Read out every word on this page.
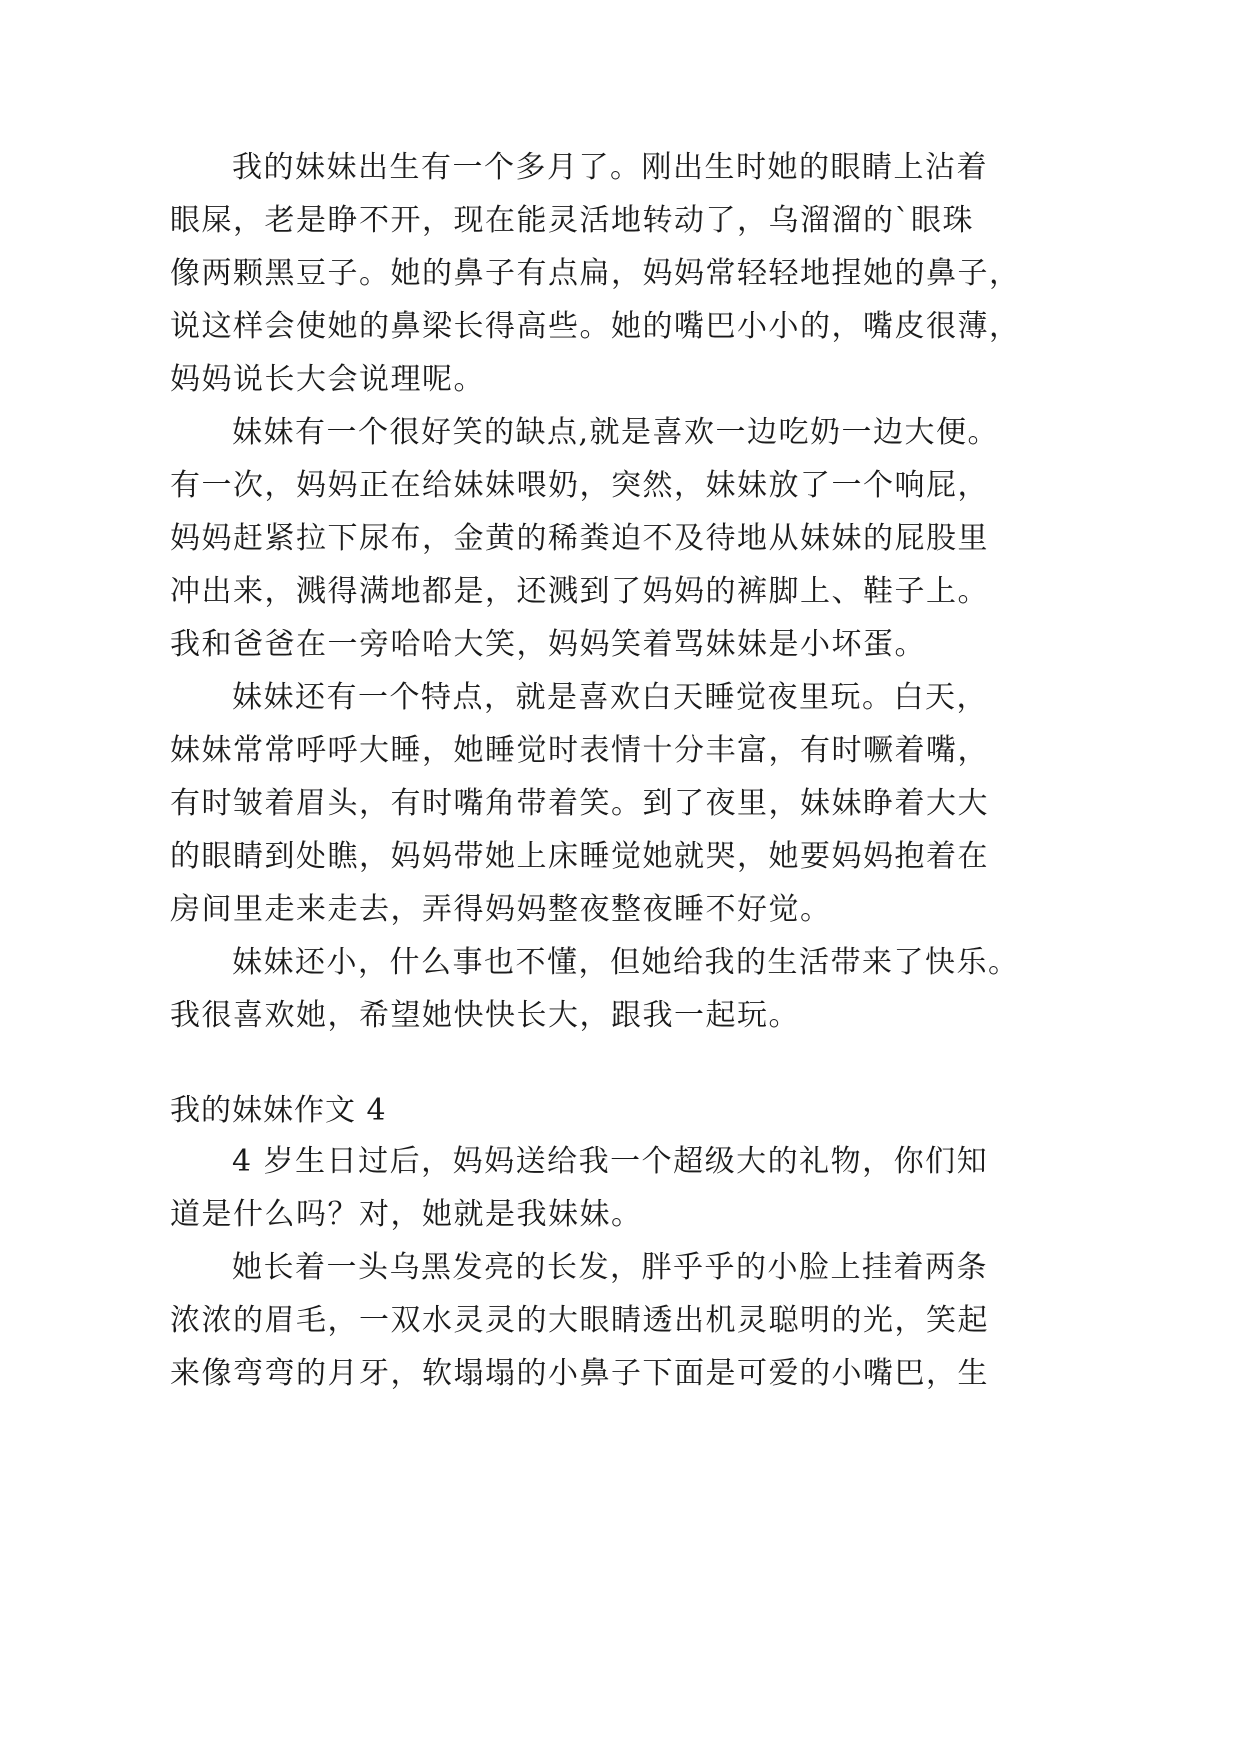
我的妹妹出生有一个多月了。刚出生时她的眼睛上沾着
眼屎，老是睁不开，现在能灵活地转动了，乌溜溜的`眼珠
像两颗黑豆子。她的鼻子有点扁，妈妈常轻轻地捏她的鼻子，
说这样会使她的鼻梁长得高些。她的嘴巴小小的，嘴皮很薄，
妈妈说长大会说理呢。
妹妹有一个很好笑的缺点,就是喜欢一边吃奶一边大便。
有一次，妈妈正在给妹妹喂奶，突然，妹妹放了一个响屁，
妈妈赶紧拉下尿布，金黄的稀粪迫不及待地从妹妹的屁股里
冲出来，溅得满地都是，还溅到了妈妈的裤脚上、鞋子上。
我和爸爸在一旁哈哈大笑，妈妈笑着骂妹妹是小坏蛋。
妹妹还有一个特点，就是喜欢白天睡觉夜里玩。白天，
妹妹常常呼呼大睡，她睡觉时表情十分丰富，有时噘着嘴，
有时皱着眉头，有时嘴角带着笑。到了夜里，妹妹睁着大大
的眼睛到处瞧，妈妈带她上床睡觉她就哭，她要妈妈抱着在
房间里走来走去，弄得妈妈整夜整夜睡不好觉。
妹妹还小，什么事也不懂，但她给我的生活带来了快乐。
我很喜欢她，希望她快快长大，跟我一起玩。
我的妹妹作文 4
4 岁生日过后，妈妈送给我一个超级大的礼物，你们知
道是什么吗？对，她就是我妹妹。
她长着一头乌黑发亮的长发，胖乎乎的小脸上挂着两条
浓浓的眉毛，一双水灵灵的大眼睛透出机灵聪明的光，笑起
来像弯弯的月牙，软塌塌的小鼻子下面是可爱的小嘴巴，生
